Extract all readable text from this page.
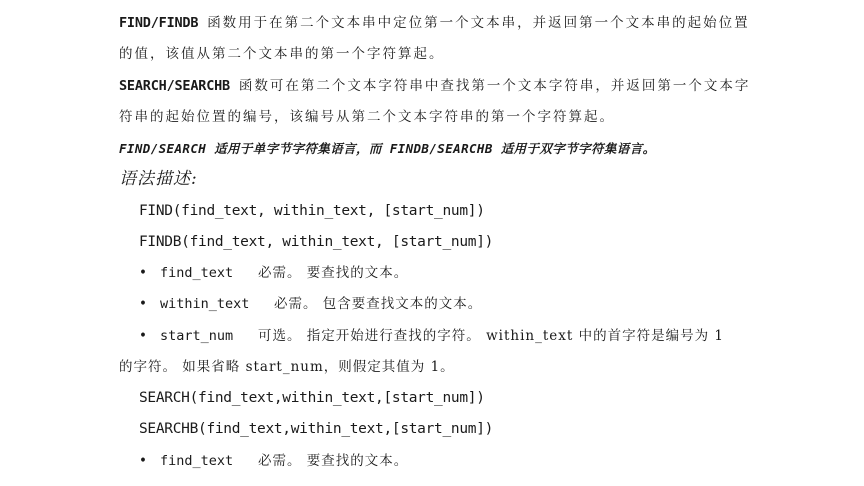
FIND/FINDB 函数用于在第二个文本串中定位第一个文本串，并返回第一个文本串的起始位置
的值，该值从第二个文本串的第一个字符算起。
SEARCH/SEARCHB 函数可在第二个文本字符串中查找第一个文本字符串，并返回第一个文本字
符串的起始位置的编号，该编号从第二个文本字符串的第一个字符算起。
FIND/SEARCH 适用于单字节字符集语言，而 FINDB/SEARCHB 适用于双字节字符集语言。
语法描述:
FIND(find_text, within_text, [start_num])
FINDB(find_text, within_text, [start_num])
• find_text 必需。 要查找的文本。
• within_text 必需。 包含要查找文本的文本。
• start_num 可选。 指定开始进行查找的字符。 within_text 中的首字符是编号为 1
的字符。 如果省略 start_num，则假定其值为 1。
SEARCH(find_text,within_text,[start_num])
SEARCHB(find_text,within_text,[start_num])
• find_text 必需。 要查找的文本。
